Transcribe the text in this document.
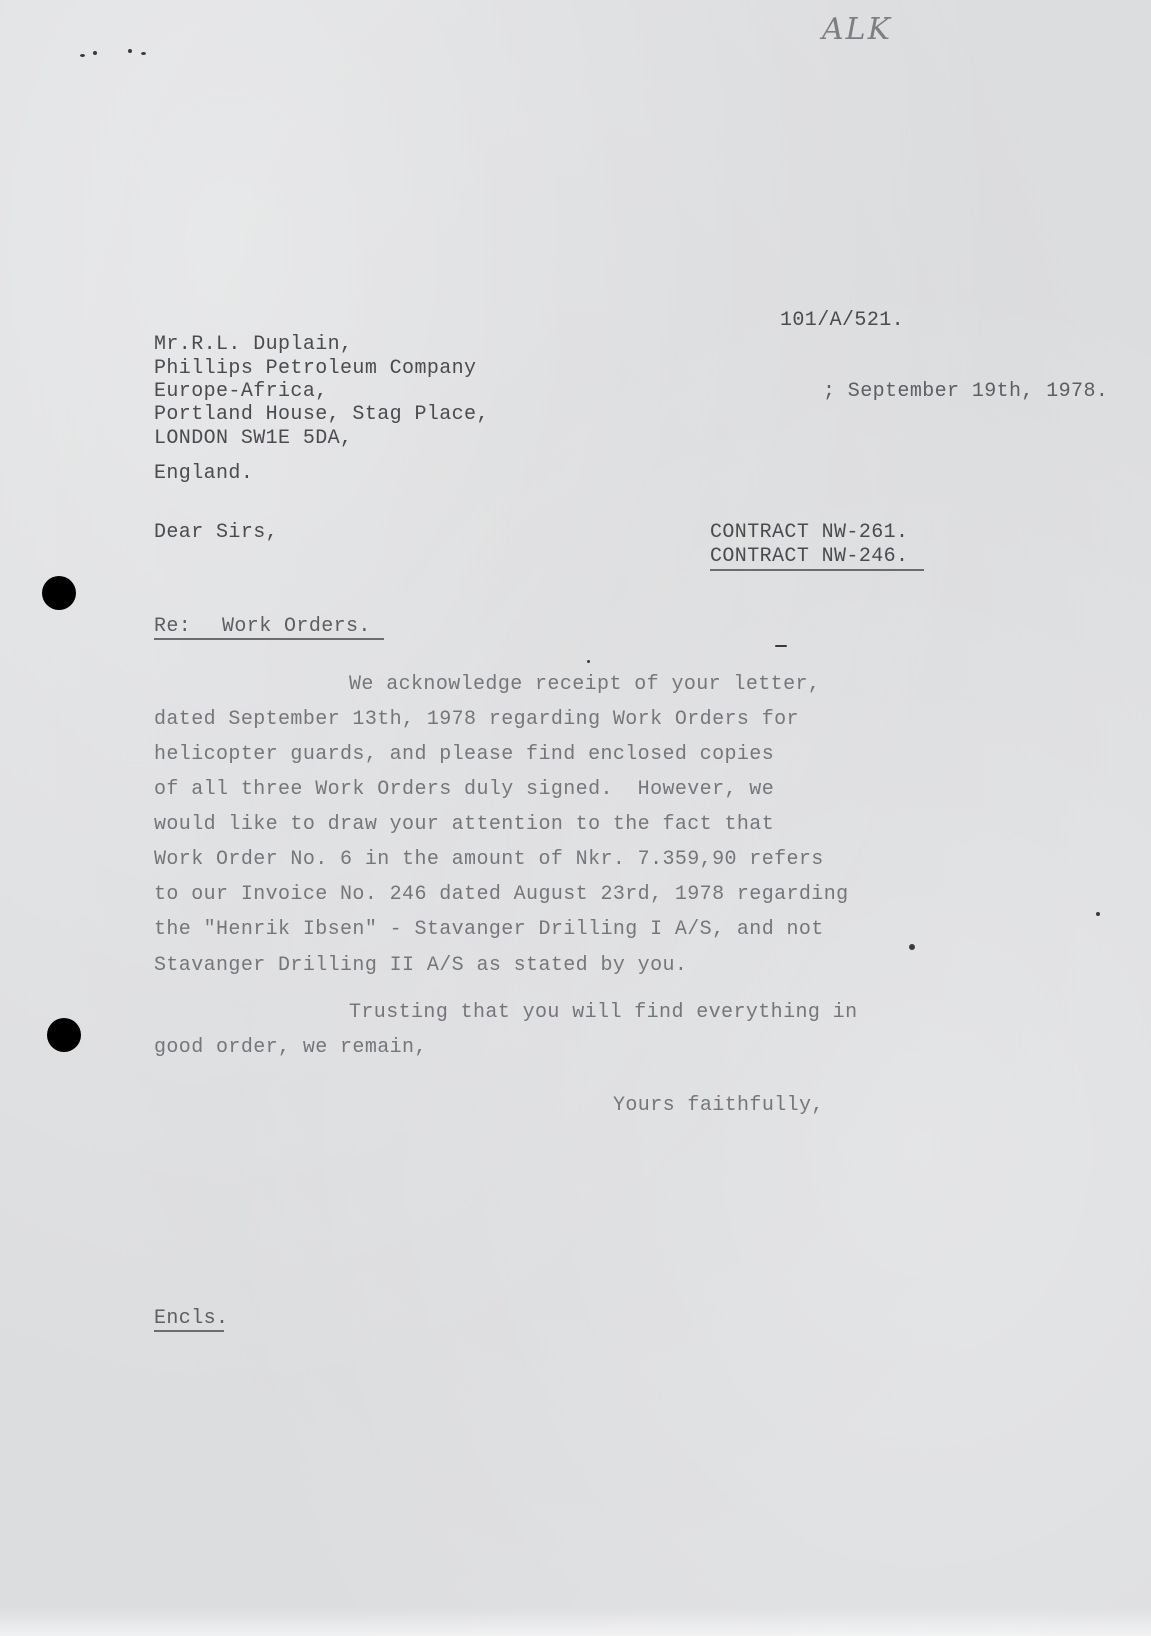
ALK
101/A/521.
Mr.R.L. Duplain,
Phillips Petroleum Company
Europe-Africa,
Portland House, Stag Place,
LONDON SW1E 5DA,
England.
; September 19th, 1978.
Dear Sirs,	CONTRACT NW-261.
CONTRACT NW-246.
Re: Work Orders.
We acknowledge receipt of your letter,
dated September 13th, 1978 regarding Work Orders for
helicopter guards, and please find enclosed copies
of all three Work Orders duly signed.  However, we
would like to draw your attention to the fact that
Work Order No. 6 in the amount of Nkr. 7.359,90 refers
to our Invoice No. 246 dated August 23rd, 1978 regarding
the "Henrik Ibsen" - Stavanger Drilling I A/S, and not
Stavanger Drilling II A/S as stated by you.
Trusting that you will find everything in
good order, we remain,
Yours faithfully,
Encls.
